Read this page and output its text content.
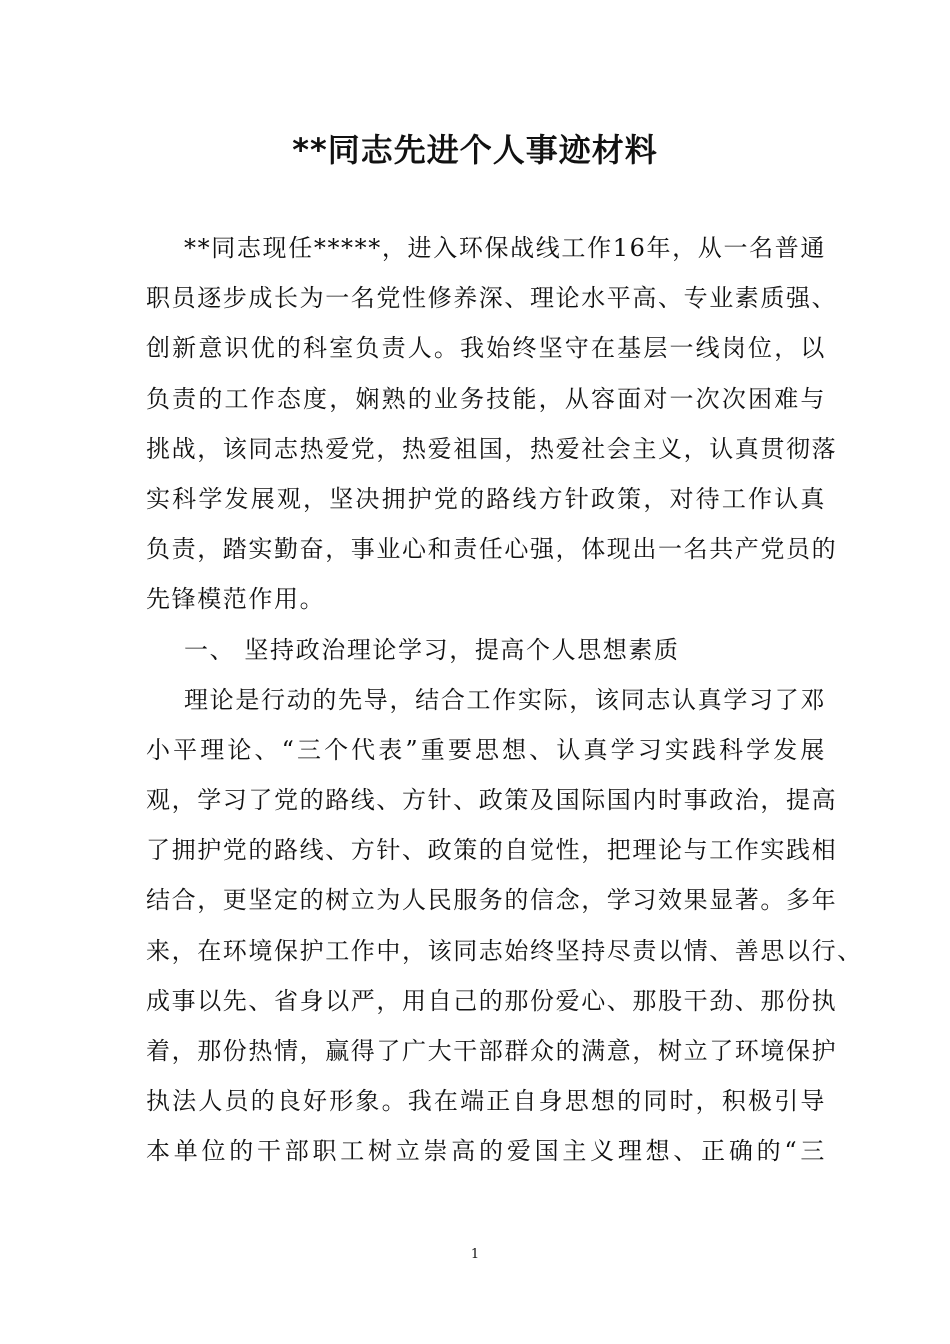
**同志先进个人事迹材料
**同志现任*****，进入环保战线工作16年，从一名普通
职员逐步成长为一名党性修养深、理论水平高、专业素质强、
创新意识优的科室负责人。我始终坚守在基层一线岗位，以
负责的工作态度，娴熟的业务技能，从容面对一次次困难与
挑战，该同志热爱党，热爱祖国，热爱社会主义，认真贯彻落
实科学发展观，坚决拥护党的路线方针政策，对待工作认真
负责，踏实勤奋，事业心和责任心强，体现出一名共产党员的
先锋模范作用。
一、 坚持政治理论学习，提高个人思想素质
理论是行动的先导，结合工作实际，该同志认真学习了邓
小平理论、“三个代表”重要思想、认真学习实践科学发展
观，学习了党的路线、方针、政策及国际国内时事政治，提高
了拥护党的路线、方针、政策的自觉性，把理论与工作实践相
结合，更坚定的树立为人民服务的信念，学习效果显著。多年
来，在环境保护工作中，该同志始终坚持尽责以情、善思以行、
成事以先、省身以严，用自己的那份爱心、那股干劲、那份执
着，那份热情，赢得了广大干部群众的满意，树立了环境保护
执法人员的良好形象。我在端正自身思想的同时，积极引导
本单位的干部职工树立崇高的爱国主义理想、正确的“三
1
